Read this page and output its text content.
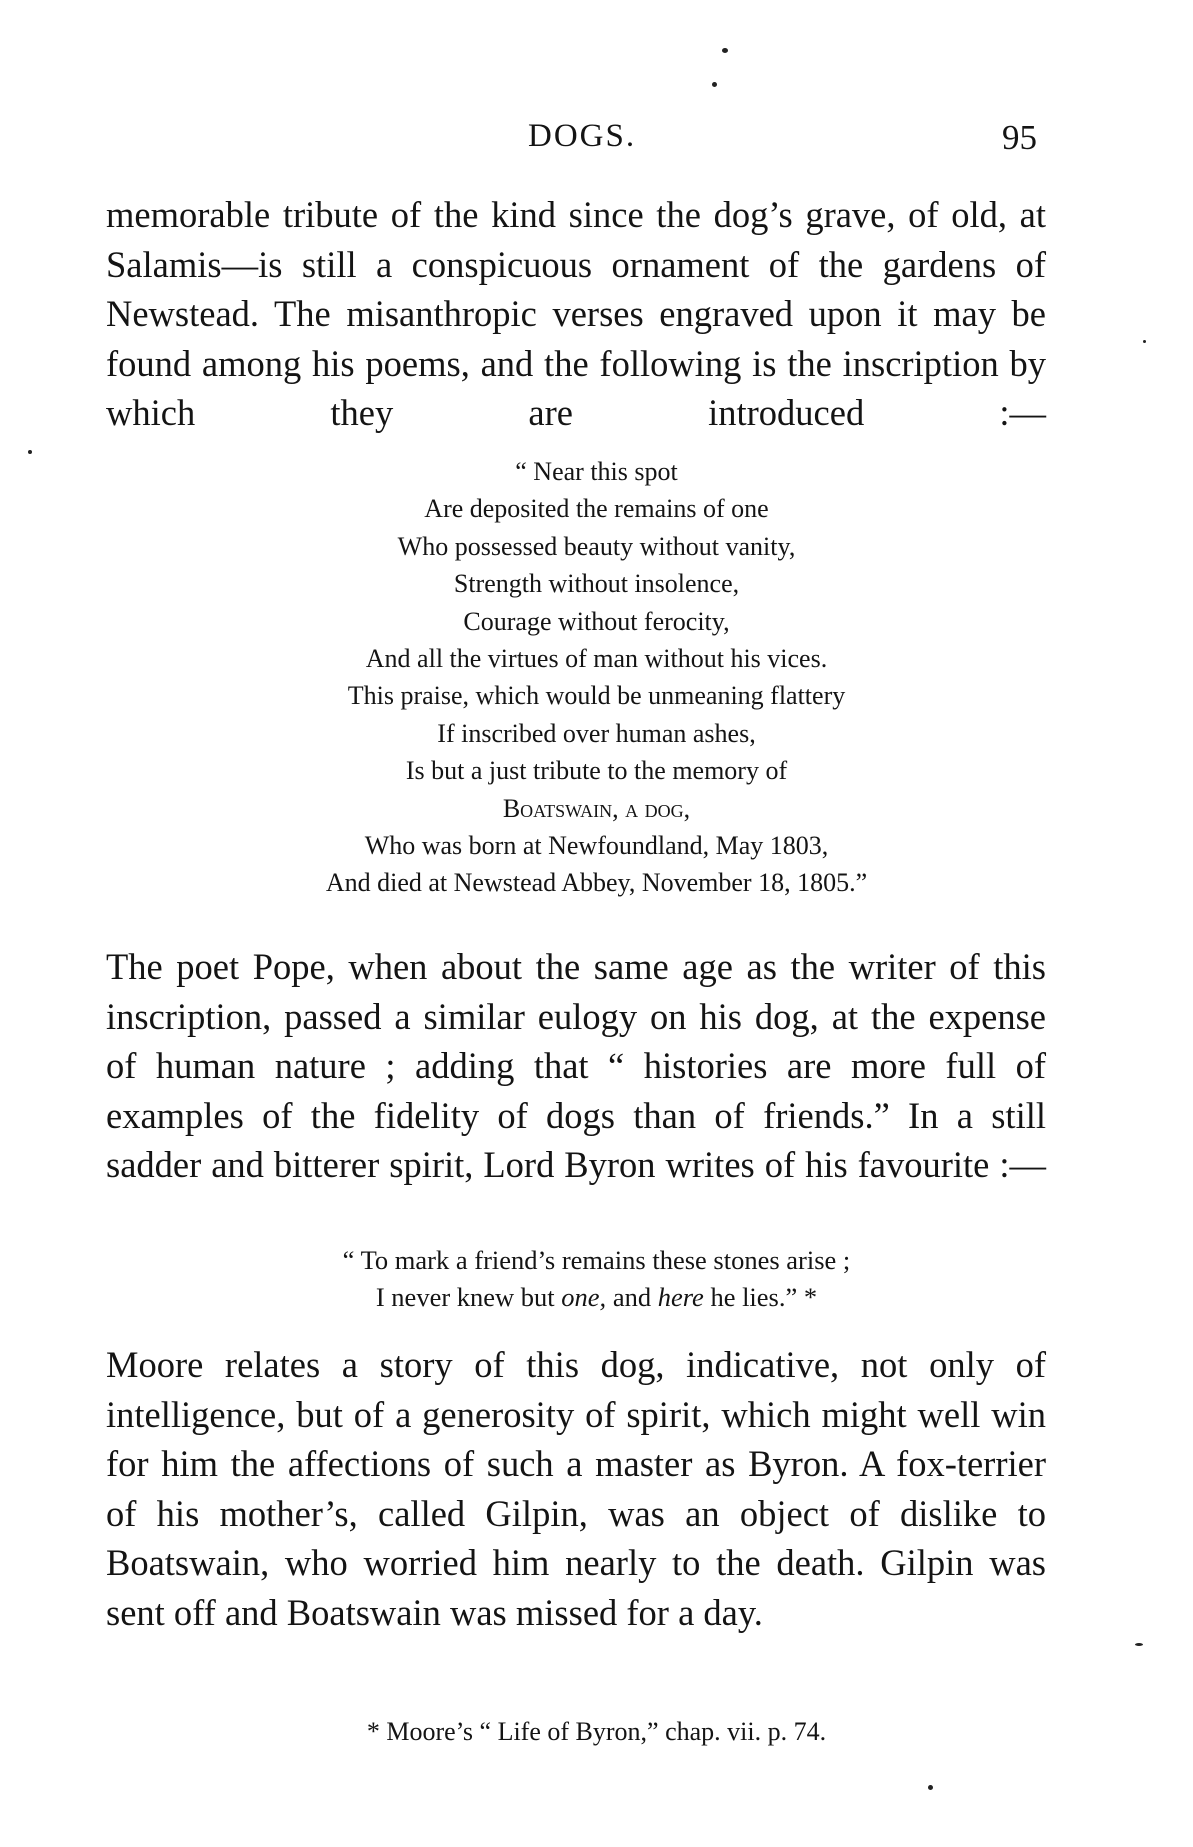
DOGS.	95

memorable tribute of the kind since the dog’s grave, of old, at Salamis—is still a conspicuous ornament of the gardens of Newstead. The misanthropic verses engraved upon it may be found among his poems, and the following is the inscription by which they are introduced :—

“ Near this spot
Are deposited the remains of one
Who possessed beauty without vanity,
Strength without insolence,
Courage without ferocity,
And all the virtues of man without his vices.
This praise, which would be unmeaning flattery
If inscribed over human ashes,
Is but a just tribute to the memory of
Boatswain, a dog,
Who was born at Newfoundland, May 1803,
And died at Newstead Abbey, November 18, 1805.”

The poet Pope, when about the same age as the writer of this inscription, passed a similar eulogy on his dog, at the expense of human nature ; adding that “ histories are more full of examples of the fidelity of dogs than of friends.” In a still sadder and bitterer spirit, Lord Byron writes of his favourite :—

“ To mark a friend’s remains these stones arise ;
I never knew but one, and here he lies.” *

Moore relates a story of this dog, indicative, not only of intelligence, but of a generosity of spirit, which might well win for him the affections of such a master as Byron. A fox-terrier of his mother’s, called Gilpin, was an object of dislike to Boatswain, who worried him nearly to the death. Gilpin was sent off and Boatswain was missed for a day.

* Moore’s “ Life of Byron,” chap. vii. p. 74.
